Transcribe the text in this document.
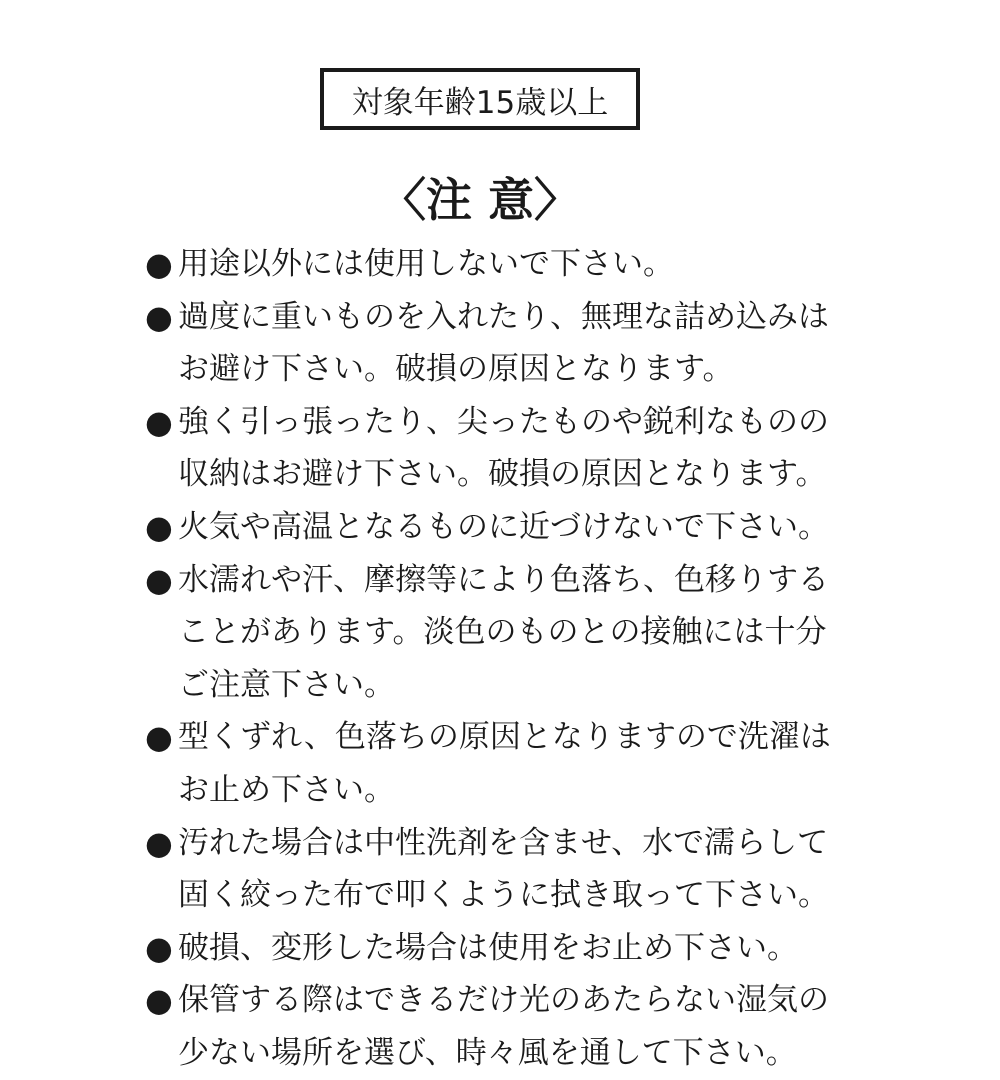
対象年齢15歳以上
〈注 意〉
● 用途以外には使用しないで下さい。
● 過度に重いものを入れたり、無理な詰め込みは
お避け下さい。破損の原因となります。
● 強く引っ張ったり、尖ったものや鋭利なものの
収納はお避け下さい。破損の原因となります。
● 火気や高温となるものに近づけないで下さい。
● 水濡れや汗、摩擦等により色落ち、色移りする
ことがあります。淡色のものとの接触には十分
ご注意下さい。
● 型くずれ、色落ちの原因となりますので洗濯は
お止め下さい。
● 汚れた場合は中性洗剤を含ませ、水で濡らして
固く絞った布で叩くように拭き取って下さい。
● 破損、変形した場合は使用をお止め下さい。
● 保管する際はできるだけ光のあたらない湿気の
少ない場所を選び、時々風を通して下さい。
